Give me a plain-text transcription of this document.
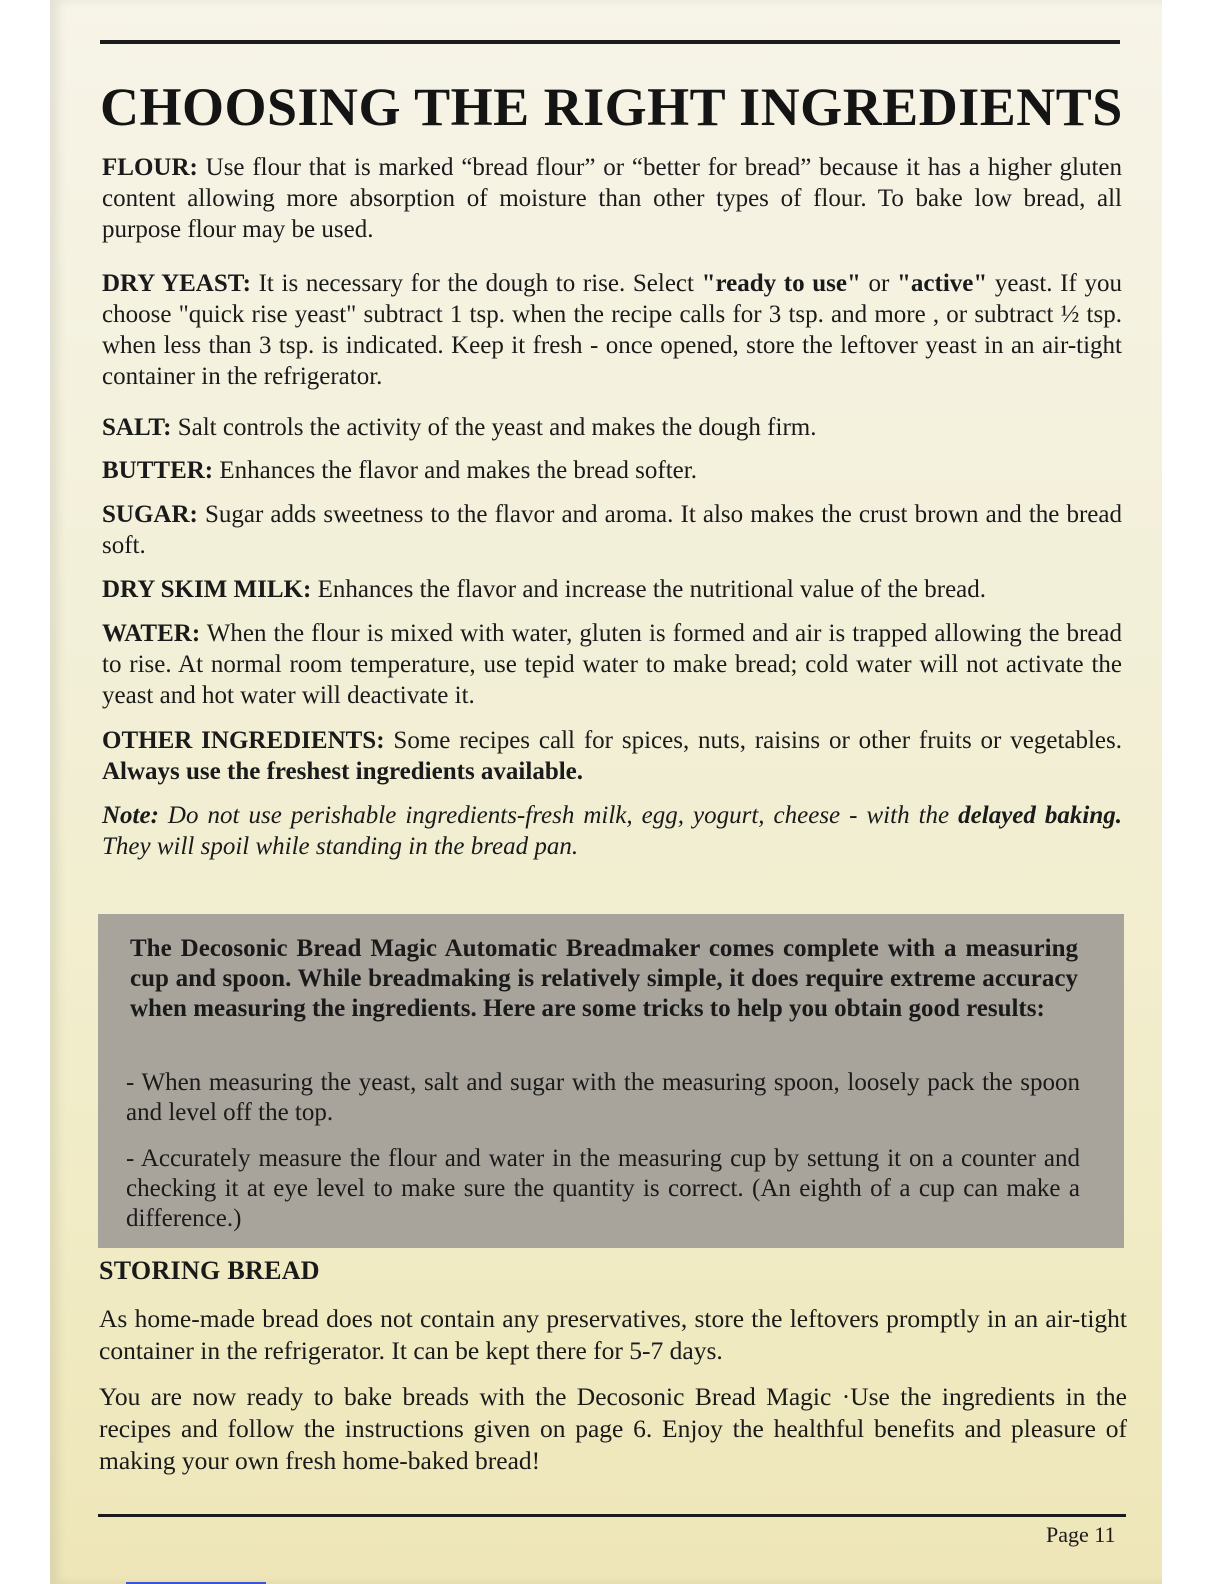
CHOOSING THE RIGHT INGREDIENTS

FLOUR: Use flour that is marked “bread flour” or “better for bread” because it has a higher gluten content allowing more absorption of moisture than other types of flour. To bake low bread, all purpose flour may be used.

DRY YEAST: It is necessary for the dough to rise. Select "ready to use" or "active" yeast. If you choose "quick rise yeast" subtract 1 tsp. when the recipe calls for 3 tsp. and more , or subtract ½ tsp. when less than 3 tsp. is indicated. Keep it fresh - once opened, store the leftover yeast in an air-tight container in the refrigerator.

SALT: Salt controls the activity of the yeast and makes the dough firm.

BUTTER: Enhances the flavor and makes the bread softer.

SUGAR: Sugar adds sweetness to the flavor and aroma. It also makes the crust brown and the bread soft.

DRY SKIM MILK: Enhances the flavor and increase the nutritional value of the bread.

WATER: When the flour is mixed with water, gluten is formed and air is trapped allowing the bread to rise. At normal room temperature, use tepid water to make bread; cold water will not activate the yeast and hot water will deactivate it.

OTHER INGREDIENTS: Some recipes call for spices, nuts, raisins or other fruits or vegetables. Always use the freshest ingredients available.

Note: Do not use perishable ingredients-fresh milk, egg, yogurt, cheese - with the delayed baking. They will spoil while standing in the bread pan.

The Decosonic Bread Magic Automatic Breadmaker comes complete with a measuring cup and spoon. While breadmaking is relatively simple, it does require extreme accuracy when measuring the ingredients. Here are some tricks to help you obtain good results:

- When measuring the yeast, salt and sugar with the measuring spoon, loosely pack the spoon and level off the top.

- Accurately measure the flour and water in the measuring cup by settung it on a counter and checking it at eye level to make sure the quantity is correct. (An eighth of a cup can make a difference.)

STORING BREAD

As home-made bread does not contain any preservatives, store the leftovers promptly in an air-tight container in the refrigerator. It can be kept there for 5-7 days.

You are now ready to bake breads with the Decosonic Bread Magic ·Use the ingredients in the recipes and follow the instructions given on page 6. Enjoy the healthful benefits and pleasure of making your own fresh home-baked bread!

Page 11
